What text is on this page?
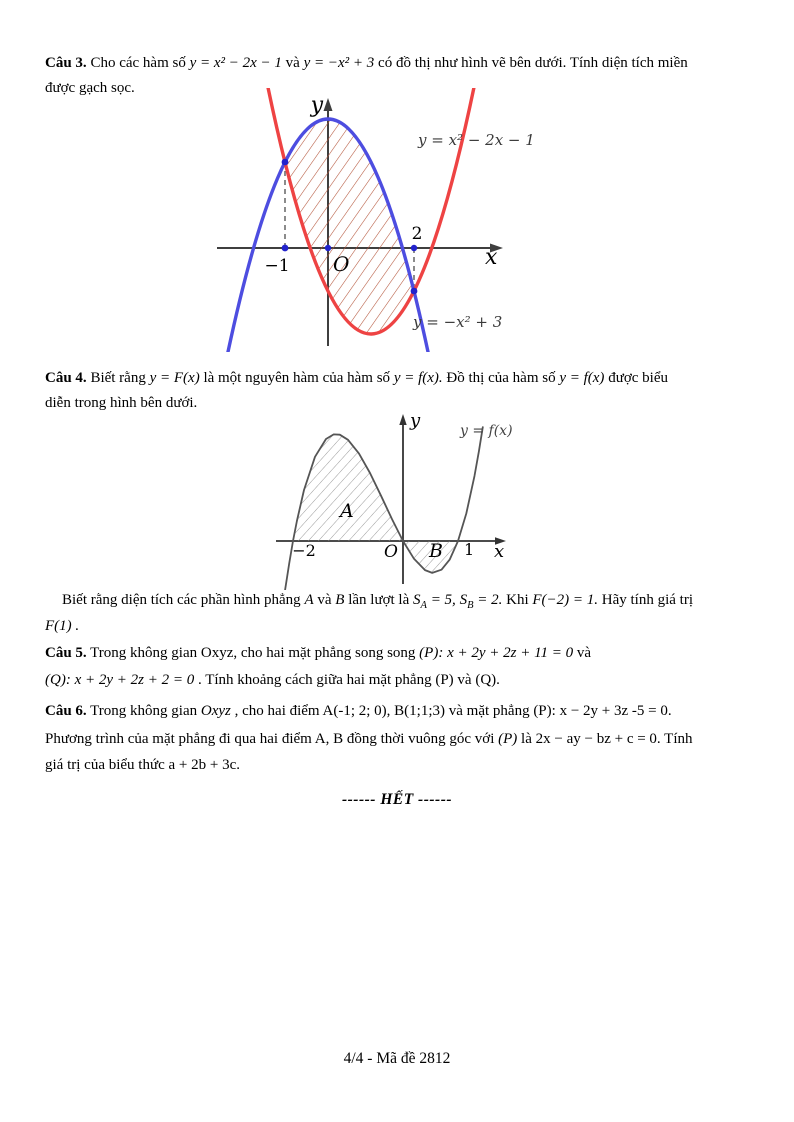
Câu 3. Cho các hàm số y = x² − 2x − 1 và y = −x² + 3 có đồ thị như hình vẽ bên dưới. Tính diện tích miền
được gạch sọc.
y
x
O
−1
2
y = x² − 2x − 1
y = −x² + 3
Câu 4. Biết rằng y = F(x) là một nguyên hàm của hàm số y = f(x). Đồ thị của hàm số y = f(x) được biểu
diễn trong hình bên dưới.
y
x
O
−2	1
A
B
y = f(x)
Biết rằng diện tích các phần hình phẳng A và B lần lượt là $S_A = 5$, $S_B = 2$. Khi F(−2) = 1. Hãy tính giá trị
F(1) .
Câu 5. Trong không gian Oxyz, cho hai mặt phẳng song song (P): x + 2y + 2z + 11 = 0 và
(Q): x + 2y + 2z + 2 = 0 . Tính khoảng cách giữa hai mặt phẳng (P) và (Q).
Câu 6. Trong không gian Oxyz , cho hai điểm A(-1; 2; 0), B(1;1;3) và mặt phẳng (P): x − 2y + 3z -5 = 0.
Phương trình của mặt phẳng đi qua hai điểm A, B đồng thời vuông góc với (P) là 2x − ay − bz + c = 0. Tính
giá trị của biểu thức a + 2b + 3c.
------ HẾT ------
4/4 - Mã đề 2812
